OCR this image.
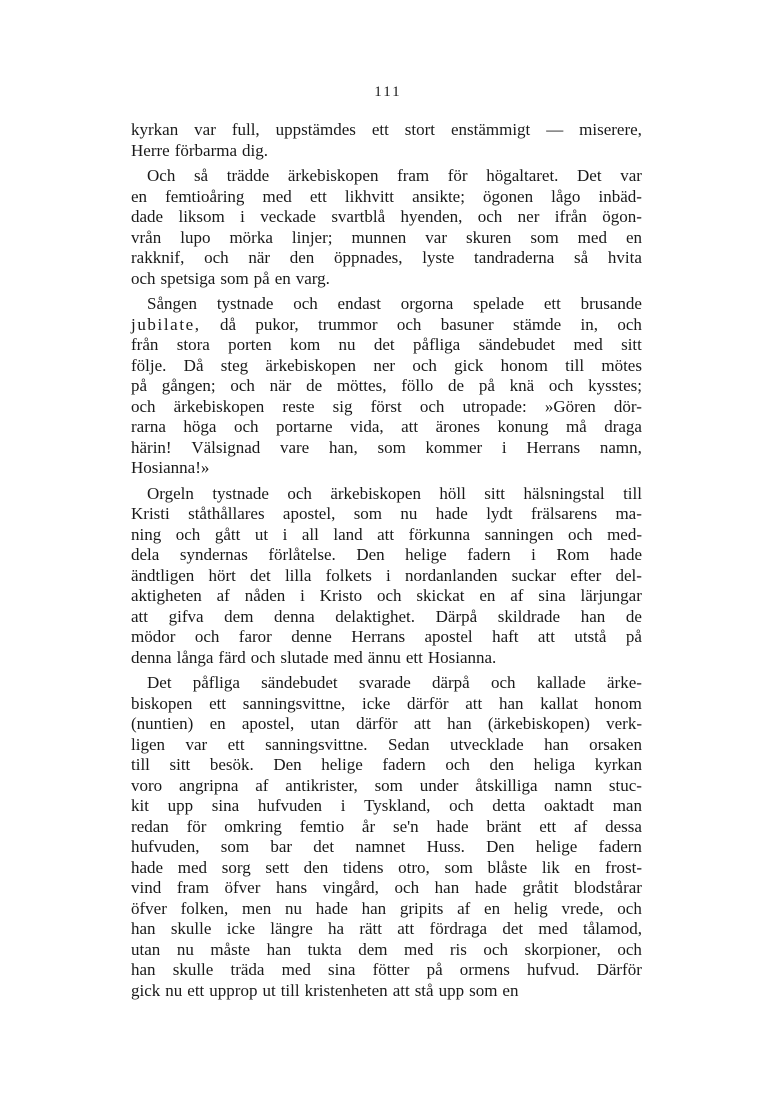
111
kyrkan var full, uppstämdes ett stort enstämmigt — miserere,
Herre förbarma dig.
Och så trädde ärkebiskopen fram för högaltaret. Det var
en femtioåring med ett likhvitt ansikte; ögonen lågo inbäd-
dade liksom i veckade svartblå hyenden, och ner ifrån ögon-
vrån lupo mörka linjer; munnen var skuren som med en
rakknif, och när den öppnades, lyste tandraderna så hvita
och spetsiga som på en varg.
Sången tystnade och endast orgorna spelade ett brusande
jubilate, då pukor, trummor och basuner stämde in, och
från stora porten kom nu det påfliga sändebudet med sitt
följe. Då steg ärkebiskopen ner och gick honom till mötes
på gången; och när de möttes, föllo de på knä och kysstes;
och ärkebiskopen reste sig först och utropade: »Gören dör-
rarna höga och portarne vida, att ärones konung må draga
härin! Välsignad vare han, som kommer i Herrans namn,
Hosianna!»
Orgeln tystnade och ärkebiskopen höll sitt hälsningstal till
Kristi ståthållares apostel, som nu hade lydt frälsarens ma-
ning och gått ut i all land att förkunna sanningen och med-
dela syndernas förlåtelse. Den helige fadern i Rom hade
ändtligen hört det lilla folkets i nordanlanden suckar efter del-
aktigheten af nåden i Kristo och skickat en af sina lärjungar
att gifva dem denna delaktighet. Därpå skildrade han de
mödor och faror denne Herrans apostel haft att utstå på
denna långa färd och slutade med ännu ett Hosianna.
Det påfliga sändebudet svarade därpå och kallade ärke-
biskopen ett sanningsvittne, icke därför att han kallat honom
(nuntien) en apostel, utan därför att han (ärkebiskopen) verk-
ligen var ett sanningsvittne. Sedan utvecklade han orsaken
till sitt besök. Den helige fadern och den heliga kyrkan
voro angripna af antikrister, som under åtskilliga namn stuc-
kit upp sina hufvuden i Tyskland, och detta oaktadt man
redan för omkring femtio år se'n hade bränt ett af dessa
hufvuden, som bar det namnet Huss. Den helige fadern
hade med sorg sett den tidens otro, som blåste lik en frost-
vind fram öfver hans vingård, och han hade gråtit blodstårar
öfver folken, men nu hade han gripits af en helig vrede, och
han skulle icke längre ha rätt att fördraga det med tålamod,
utan nu måste han tukta dem med ris och skorpioner, och
han skulle träda med sina fötter på ormens hufvud. Därför
gick nu ett upprop ut till kristenheten att stå upp som en
